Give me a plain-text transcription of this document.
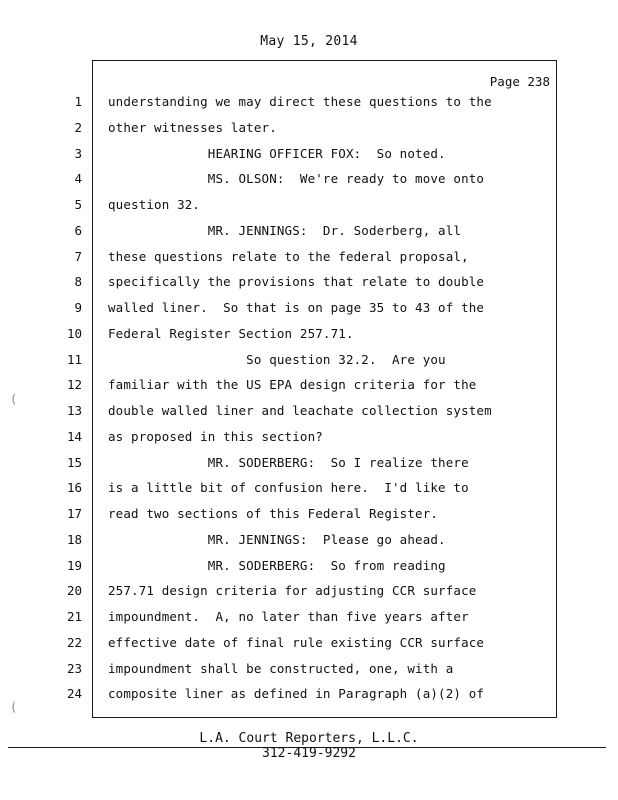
May 15, 2014
Page 238
1 understanding we may direct these questions to the
2 other witnesses later.
3 HEARING OFFICER FOX:  So noted.
4 MS. OLSON:  We're ready to move onto
5 question 32.
6 MR. JENNINGS:  Dr. Soderberg, all
7 these questions relate to the federal proposal,
8 specifically the provisions that relate to double
9 walled liner.  So that is on page 35 to 43 of the
10 Federal Register Section 257.71.
11 So question 32.2.  Are you
12 familiar with the US EPA design criteria for the
13 double walled liner and leachate collection system
14 as proposed in this section?
15 MR. SODERBERG:  So I realize there
16 is a little bit of confusion here.  I'd like to
17 read two sections of this Federal Register.
18 MR. JENNINGS:  Please go ahead.
19 MR. SODERBERG:  So from reading
20 257.71 design criteria for adjusting CCR surface
21 impoundment.  A, no later than five years after
22 effective date of final rule existing CCR surface
23 impoundment shall be constructed, one, with a
24 composite liner as defined in Paragraph (a)(2) of
(
(
L.A. Court Reporters, L.L.C.
312-419-9292
